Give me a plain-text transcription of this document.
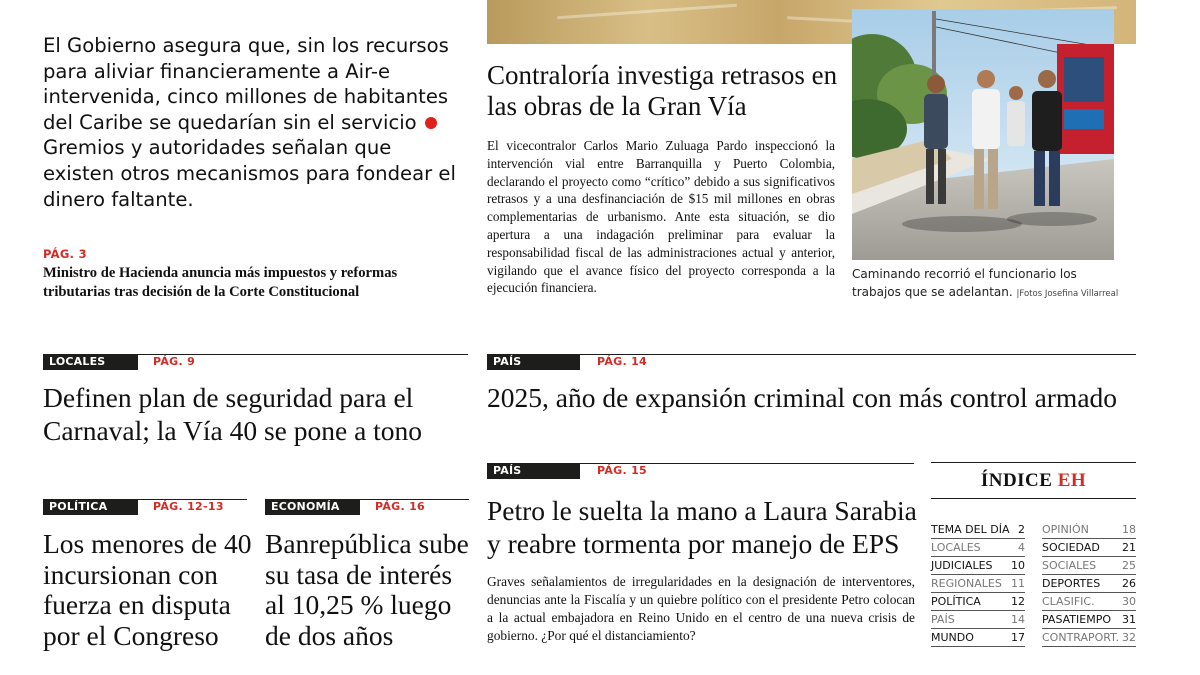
El Gobierno asegura que, sin los recursos para aliviar financieramente a Air-e intervenida, cinco millones de habitantes del Caribe se quedarían sin el servicio  Gremios y autoridades señalan que existen otros mecanismos para fondear el dinero faltante.
PÁG. 3
Ministro de Hacienda anuncia más impuestos y reformas tributarias tras decisión de la Corte Constitucional
Contraloría investiga retrasos en las obras de la Gran Vía
El vicecontralor Carlos Mario Zuluaga Pardo inspeccionó la intervención vial entre Barranquilla y Puerto Colombia, declarando el proyecto como “crítico” debido a sus significativos retrasos y a una desfinanciación de $15 mil millones en obras complementarias de urbanismo. Ante esta situación, se dio apertura a una indagación preliminar para evaluar la responsabilidad fiscal de las administraciones actual y anterior, vigilando que el avance físico del proyecto corresponda a la ejecución financiera.
Caminando recorrió el funcionario los trabajos que se adelantan. |Fotos Josefina Villarreal
LOCALES	PÁG. 9
Definen plan de seguridad para el Carnaval; la Vía 40 se pone a tono
PAÍS	PÁG. 14
2025, año de expansión criminal con más control armado
PAÍS	PÁG. 15
Petro le suelta la mano a Laura Sarabia y reabre tormenta por manejo de EPS
Graves señalamientos de irregularidades en la designación de interventores, denuncias ante la Fiscalía y un quiebre político con el presidente Petro colocan a la actual embajadora en Reino Unido en el centro de una nueva crisis de gobierno. ¿Por qué el distanciamiento?
POLÍTICA	PÁG. 12-13
Los menores de 40 incursionan con fuerza en disputa por el Congreso
ECONOMÍA	PÁG. 16
Banrepública sube su tasa de interés al 10,25 % luego de dos años
ÍNDICE EH
TEMA DEL DÍA 2
LOCALES	4
JUDICIALES 10
REGIONALES 11
POLÍTICA	12
PAÍS	14
MUNDO	17
OPINIÓN	18
SOCIEDAD 21
SOCIALES 25
DEPORTES 26
CLASIFIC. 30
PASATIEMPO 31
CONTRAPORT. 32
